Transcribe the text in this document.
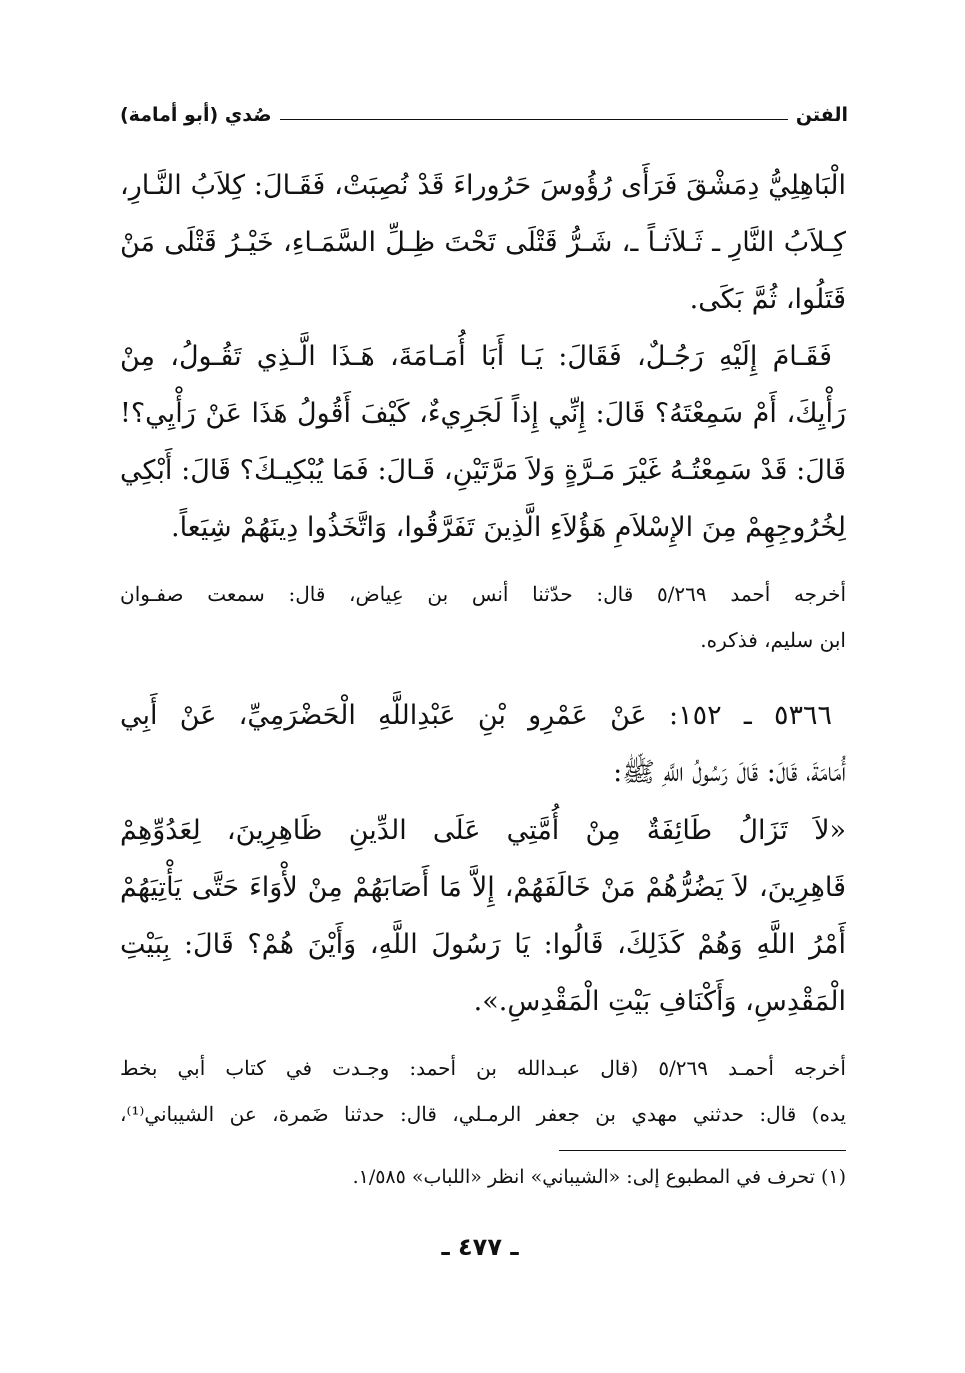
الفتن
صُدي (أبو أمامة)
الْبَاهِلِيُّ دِمَشْقَ فَرَأَى رُؤُوسَ حَرُوراءَ قَدْ نُصِبَتْ، فَقَـالَ: كِلاَبُ النَّـارِ،
كِـلاَبُ النَّارِ ـ ثَـلاَثـاً ـ، شَـرُّ قَتْلَى تَحْتَ ظِـلِّ السَّمَـاءِ، خَيْـرُ قَتْلَى مَنْ
قَتَلُوا، ثُمَّ بَكَى.
فَقَـامَ إِلَيْهِ رَجُـلٌ، فَقَالَ: يَـا أَبَا أُمَـامَةَ، هَـذَا الَّـذِي تَقُـولُ، مِنْ
رَأْيِكَ، أَمْ سَمِعْتَهُ؟ قَالَ: إِنِّي إِذاً لَجَرِيءٌ، كَيْفَ أَقُولُ هَذَا عَنْ رَأْيِي؟!
قَالَ: قَدْ سَمِعْتُـهُ غَيْرَ مَـرَّةٍ وَلاَ مَرَّتَيْنِ، قَـالَ: فَمَا يُبْكِيـكَ؟ قَالَ: أَبْكِي
لِخُرُوجِهِمْ مِنَ الإِسْلاَمِ هَؤُلاَءِ الَّذِينَ تَفَرَّقُوا، وَاتَّخَذُوا دِينَهُمْ شِيَعاً.
أخرجه أحمد ٥/٢٦٩ قال: حدّثنا أنس بن عِياض، قال: سمعت صفـوان
ابن سليم، فذكره.
٥٣٦٦ ـ ١٥٢: عَنْ عَمْرِو بْنِ عَبْدِاللَّهِ الْحَضْرَمِيِّ، عَنْ أَبِي
أُمَامَةَ، قَالَ: قَالَ رَسُولُ اللَّهِ ﷺ:
«لاَ تَزَالُ طَائِفَةٌ مِنْ أُمَّتِي عَلَى الدِّينِ ظَاهِرِينَ، لِعَدُوِّهِمْ
قَاهِرِينَ، لاَ يَضُرُّهُمْ مَنْ خَالَفَهُمْ، إِلاَّ مَا أَصَابَهُمْ مِنْ لأْوَاءَ حَتَّى يَأْتِيَهُمْ
أَمْرُ اللَّهِ وَهُمْ كَذَلِكَ، قَالُوا: يَا رَسُولَ اللَّهِ، وَأَيْنَ هُمْ؟ قَالَ: بِبَيْتِ
الْمَقْدِسِ، وَأَكْنَافِ بَيْتِ الْمَقْدِسِ.».
أخرجه أحمـد ٥/٢٦٩ (قال عبـدالله بن أحمد: وجـدت في كتاب أبي بخط
يده) قال: حدثني مهدي بن جعفر الرمـلي، قال: حدثنا ضَمرة، عن الشيباني⁽¹⁾،
(١) تحرف في المطبوع إلى: «الشيباني» انظر «اللباب» ١/٥٨٥.
ـ ٤٧٧ ـ
